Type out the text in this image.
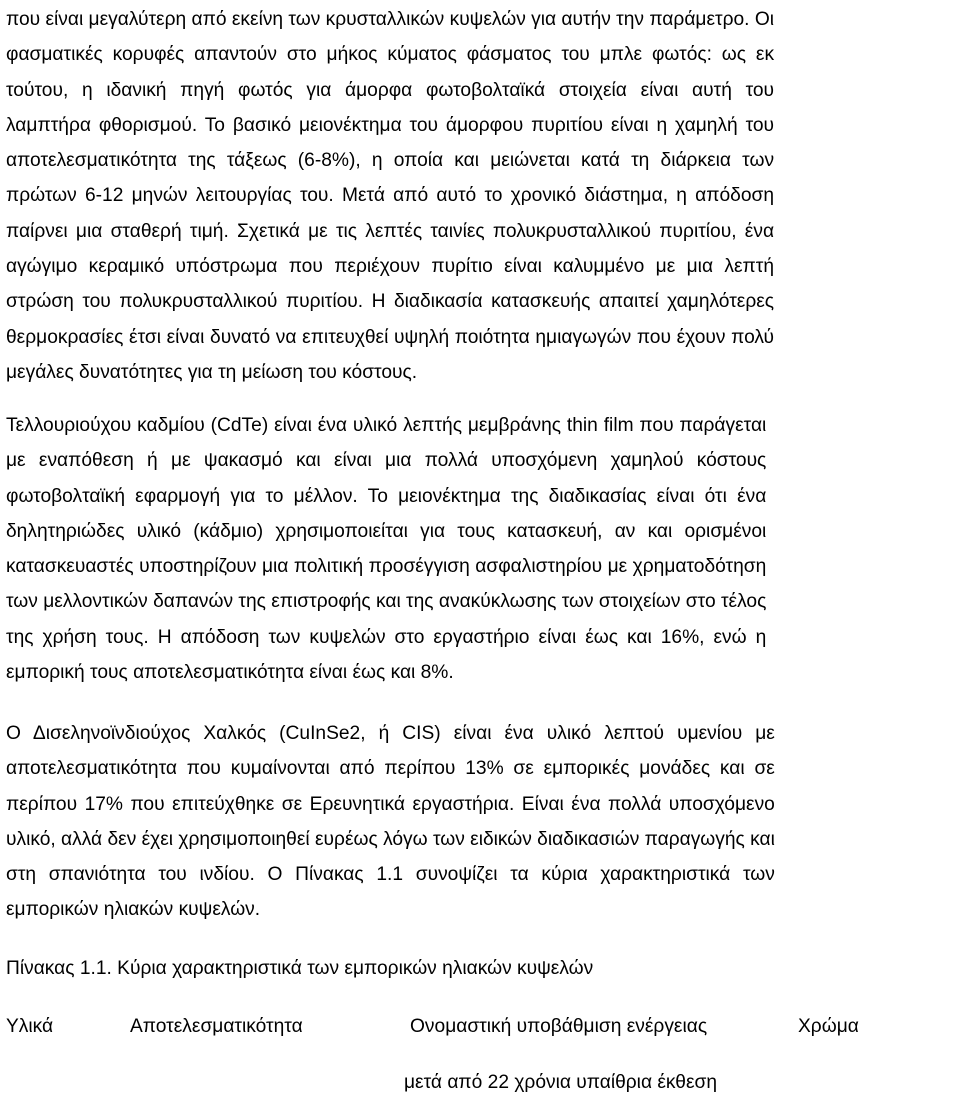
που είναι μεγαλύτερη από εκείνη των κρυσταλλικών κυψελών για αυτήν την παράμετρο. Οι
φασματικές κορυφές απαντούν στο μήκος κύματος φάσματος του μπλε φωτός: ως εκ
τούτου, η ιδανική πηγή φωτός για άμορφα φωτοβολταϊκά στοιχεία είναι αυτή του
λαμπτήρα φθορισμού. Το βασικό μειονέκτημα του άμορφου πυριτίου είναι η χαμηλή του
αποτελεσματικότητα της τάξεως (6-8%), η οποία και μειώνεται κατά τη διάρκεια των
πρώτων 6-12 μηνών λειτουργίας του. Μετά από αυτό το χρονικό διάστημα, η απόδοση
παίρνει μια σταθερή τιμή. Σχετικά με τις λεπτές ταινίες πολυκρυσταλλικού πυριτίου, ένα
αγώγιμο κεραμικό υπόστρωμα που περιέχουν πυρίτιο είναι καλυμμένο με μια λεπτή
στρώση του πολυκρυσταλλικού πυριτίου. Η διαδικασία κατασκευής απαιτεί χαμηλότερες
θερμοκρασίες έτσι είναι δυνατό να επιτευχθεί υψηλή ποιότητα ημιαγωγών που έχουν πολύ
μεγάλες δυνατότητες για τη μείωση του κόστους.

Τελλουριούχου καδμίου (CdTe) είναι ένα υλικό λεπτής μεμβράνης thin film που παράγεται
με εναπόθεση ή με ψακασμό και είναι μια πολλά υποσχόμενη χαμηλού κόστους
φωτοβολταϊκή εφαρμογή για το μέλλον. Το μειονέκτημα της διαδικασίας είναι ότι ένα
δηλητηριώδες υλικό (κάδμιο) χρησιμοποιείται για τους κατασκευή, αν και ορισμένοι
κατασκευαστές υποστηρίζουν μια πολιτική προσέγγιση ασφαλιστηρίου με χρηματοδότηση
των μελλοντικών δαπανών της επιστροφής και της ανακύκλωσης των στοιχείων στο τέλος
της χρήση τους. Η απόδοση των κυψελών στο εργαστήριο είναι έως και 16%, ενώ η
εμπορική τους αποτελεσματικότητα είναι έως και 8%.

Ο Δισεληνοϊνδιούχος Χαλκός (CuInSe2, ή CIS) είναι ένα υλικό λεπτού υμενίου με
αποτελεσματικότητα που κυμαίνονται από περίπου 13% σε εμπορικές μονάδες και σε
περίπου 17% που επιτεύχθηκε σε Ερευνητικά εργαστήρια. Είναι ένα πολλά υποσχόμενο
υλικό, αλλά δεν έχει χρησιμοποιηθεί ευρέως λόγω των ειδικών διαδικασιών παραγωγής και
στη σπανιότητα του ινδίου. Ο Πίνακας 1.1 συνοψίζει τα κύρια χαρακτηριστικά των
εμπορικών ηλιακών κυψελών.

Πίνακας 1.1. Κύρια χαρακτηριστικά των εμπορικών ηλιακών κυψελών
Υλικά	Αποτελεσματικότητα	Ονομαστική υποβάθμιση ενέργειας	Χρώμα
μετά από 22 χρόνια υπαίθρια έκθεση
